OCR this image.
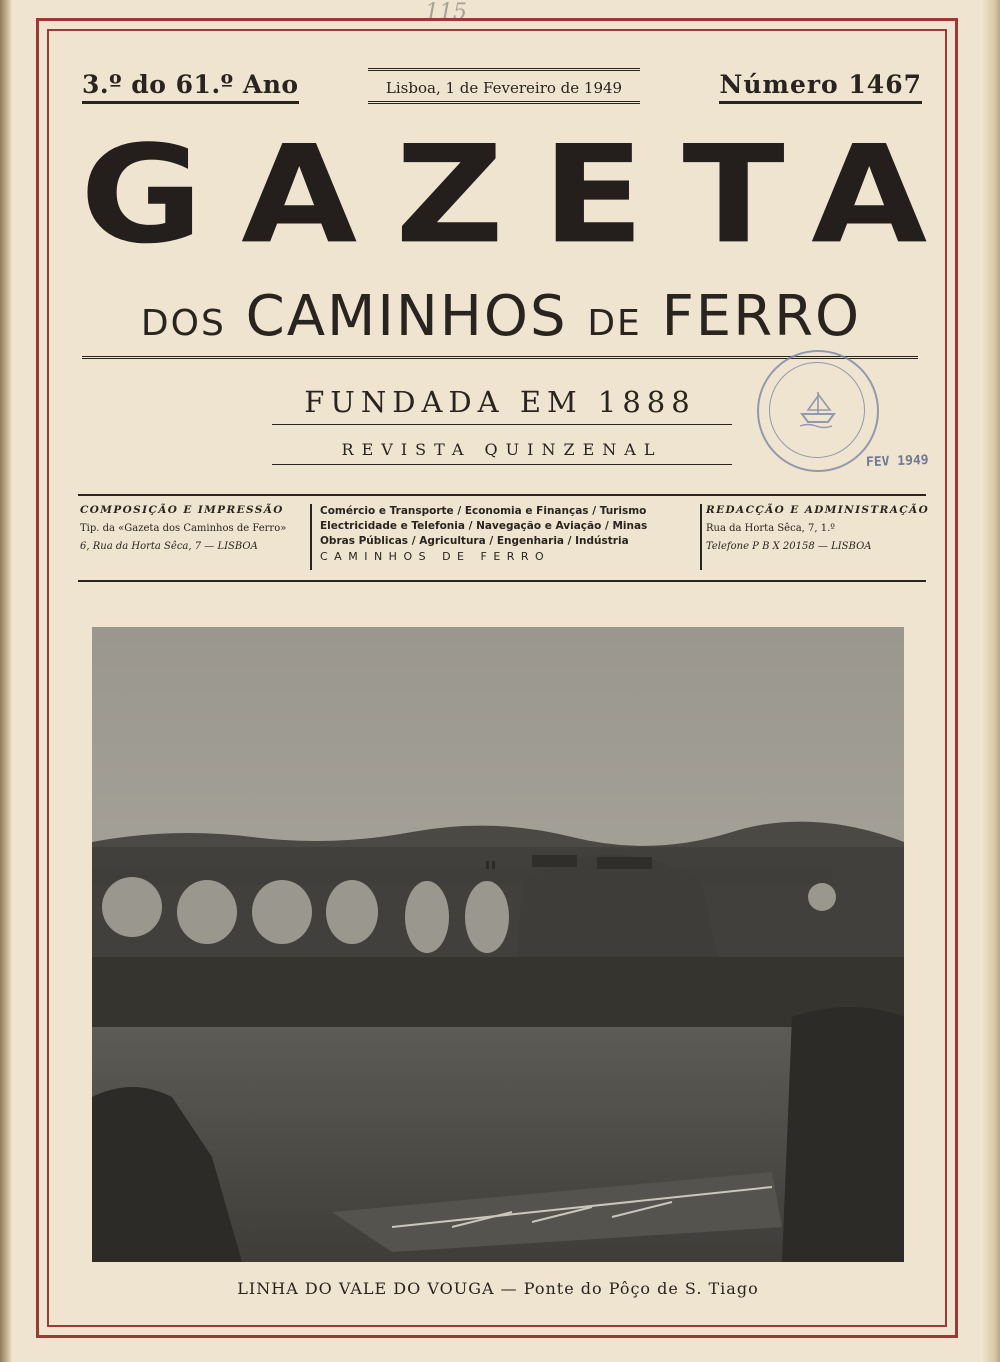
115
3.º do 61.º Ano	Lisboa, 1 de Fevereiro de 1949	Número 1467
GAZETA
DOS CAMINHOS DE FERRO
FUNDADA EM 1888
REVISTA QUINZENAL
FEV 1949
COMPOSIÇÃO E IMPRESSÃO
Tip. da «Gazeta dos Caminhos de Ferro»
6, Rua da Horta Sêca, 7 — LISBOA
Comércio e Transporte / Economia e Finanças / Turismo
Electricidade e Telefonia / Navegação e Aviação / Minas
Obras Públicas / Agricultura / Engenharia / Indústria
CAMINHOS DE FERRO
REDACÇÃO E ADMINISTRAÇÃO
Rua da Horta Sêca, 7, 1.º
Telefone P B X 20158 — LISBOA
LINHA DO VALE DO VOUGA — Ponte do Pôço de S. Tiago
